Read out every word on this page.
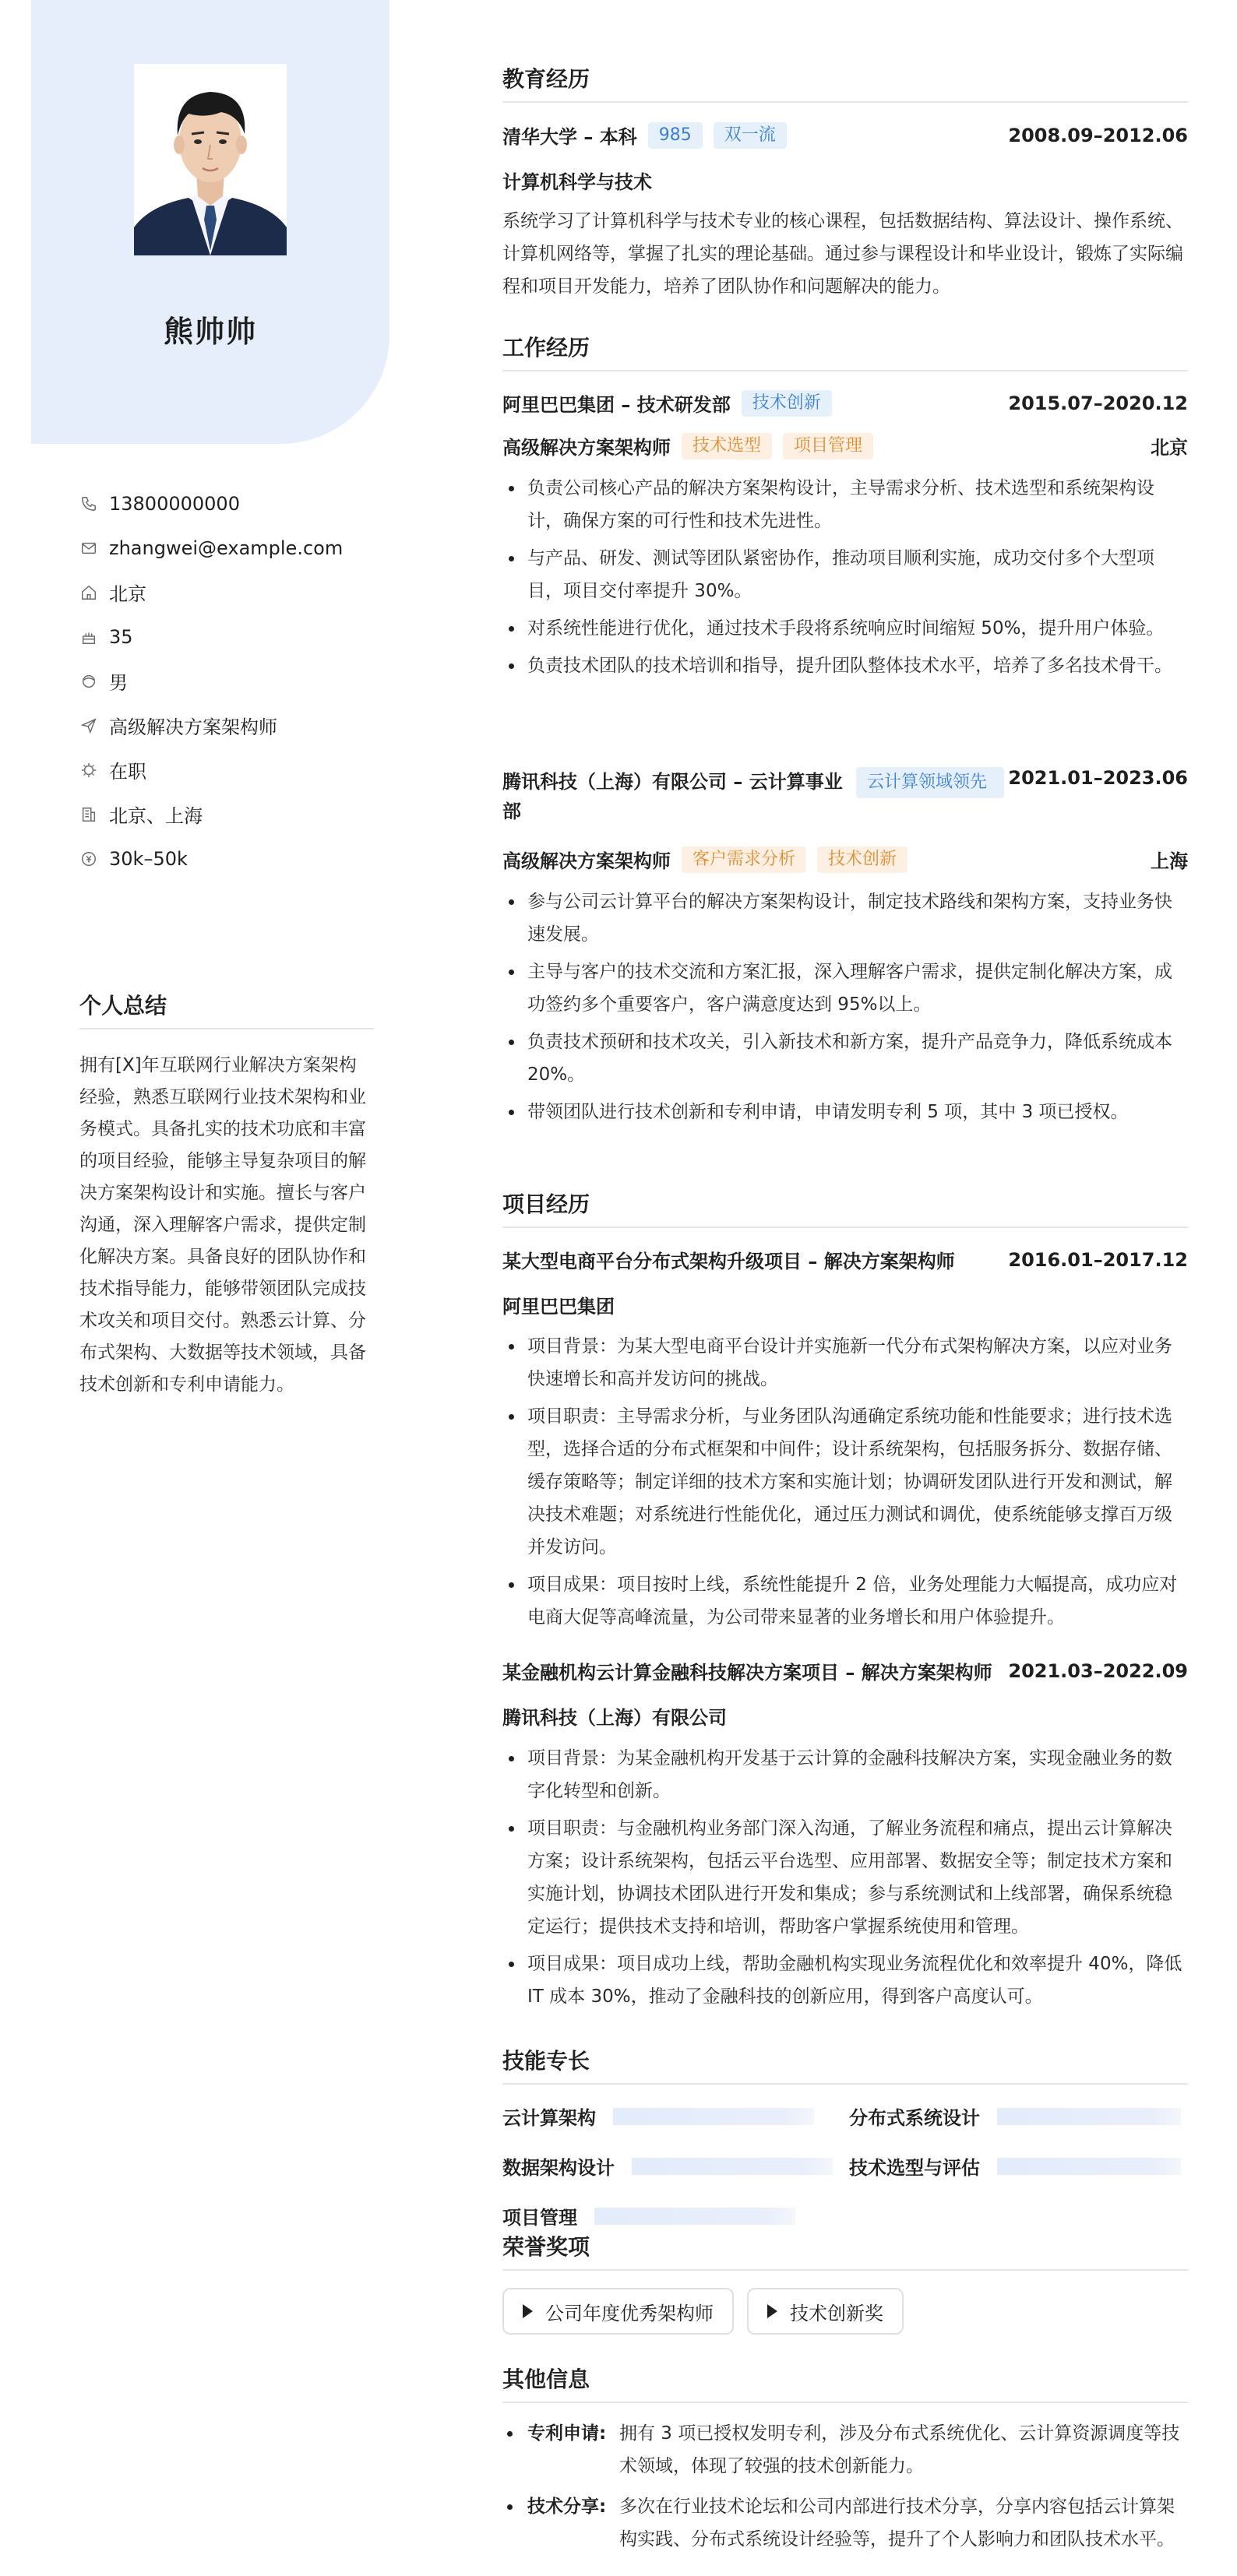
熊帅帅
13800000000
zhangwei@example.com
北京
35
男
高级解决方案架构师
在职
北京、上海
30k–50k
个人总结
拥有[X]年互联网行业解决方案架构经验，熟悉互联网行业技术架构和业务模式。具备扎实的技术功底和丰富的项目经验，能够主导复杂项目的解决方案架构设计和实施。擅长与客户沟通，深入理解客户需求，提供定制化解决方案。具备良好的团队协作和技术指导能力，能够带领团队完成技术攻关和项目交付。熟悉云计算、分布式架构、大数据等技术领域，具备技术创新和专利申请能力。
教育经历
清华大学 – 本科	985	双一流	2008.09–2012.06
计算机科学与技术
系统学习了计算机科学与技术专业的核心课程，包括数据结构、算法设计、操作系统、计算机网络等，掌握了扎实的理论基础。通过参与课程设计和毕业设计，锻炼了实际编程和项目开发能力，培养了团队协作和问题解决的能力。
工作经历
阿里巴巴集团 – 技术研发部	技术创新	2015.07–2020.12
高级解决方案架构师	技术选型	项目管理	北京
负责公司核心产品的解决方案架构设计，主导需求分析、技术选型和系统架构设计，确保方案的可行性和技术先进性。
与产品、研发、测试等团队紧密协作，推动项目顺利实施，成功交付多个大型项目，项目交付率提升 30%。
对系统性能进行优化，通过技术手段将系统响应时间缩短 50%，提升用户体验。
负责技术团队的技术培训和指导，提升团队整体技术水平，培养了多名技术骨干。
腾讯科技（上海）有限公司 – 云计算事业部
云计算领域领先	2021.01–2023.06
高级解决方案架构师	客户需求分析	技术创新	上海
参与公司云计算平台的解决方案架构设计，制定技术路线和架构方案，支持业务快速发展。
主导与客户的技术交流和方案汇报，深入理解客户需求，提供定制化解决方案，成功签约多个重要客户，客户满意度达到 95%以上。
负责技术预研和技术攻关，引入新技术和新方案，提升产品竞争力，降低系统成本 20%。
带领团队进行技术创新和专利申请，申请发明专利 5 项，其中 3 项已授权。
项目经历
某大型电商平台分布式架构升级项目 – 解决方案架构师	2016.01–2017.12
阿里巴巴集团
项目背景：为某大型电商平台设计并实施新一代分布式架构解决方案，以应对业务快速增长和高并发访问的挑战。
项目职责：主导需求分析，与业务团队沟通确定系统功能和性能要求；进行技术选型，选择合适的分布式框架和中间件；设计系统架构，包括服务拆分、数据存储、缓存策略等；制定详细的技术方案和实施计划；协调研发团队进行开发和测试，解决技术难题；对系统进行性能优化，通过压力测试和调优，使系统能够支撑百万级并发访问。
项目成果：项目按时上线，系统性能提升 2 倍，业务处理能力大幅提高，成功应对电商大促等高峰流量，为公司带来显著的业务增长和用户体验提升。
某金融机构云计算金融科技解决方案项目 – 解决方案架构师 2021.03–2022.09
腾讯科技（上海）有限公司
项目背景：为某金融机构开发基于云计算的金融科技解决方案，实现金融业务的数字化转型和创新。
项目职责：与金融机构业务部门深入沟通，了解业务流程和痛点，提出云计算解决方案；设计系统架构，包括云平台选型、应用部署、数据安全等；制定技术方案和实施计划，协调技术团队进行开发和集成；参与系统测试和上线部署，确保系统稳定运行；提供技术支持和培训，帮助客户掌握系统使用和管理。
项目成果：项目成功上线，帮助金融机构实现业务流程优化和效率提升 40%，降低 IT 成本 30%，推动了金融科技的创新应用，得到客户高度认可。
技能专长
云计算架构	分布式系统设计
数据架构设计	技术选型与评估
项目管理
荣誉奖项
公司年度优秀架构师	技术创新奖
其他信息
专利申请: 拥有 3 项已授权发明专利，涉及分布式系统优化、云计算资源调度等技术领域，体现了较强的技术创新能力。
技术分享: 多次在行业技术论坛和公司内部进行技术分享，分享内容包括云计算架构实践、分布式系统设计经验等，提升了个人影响力和团队技术水平。
